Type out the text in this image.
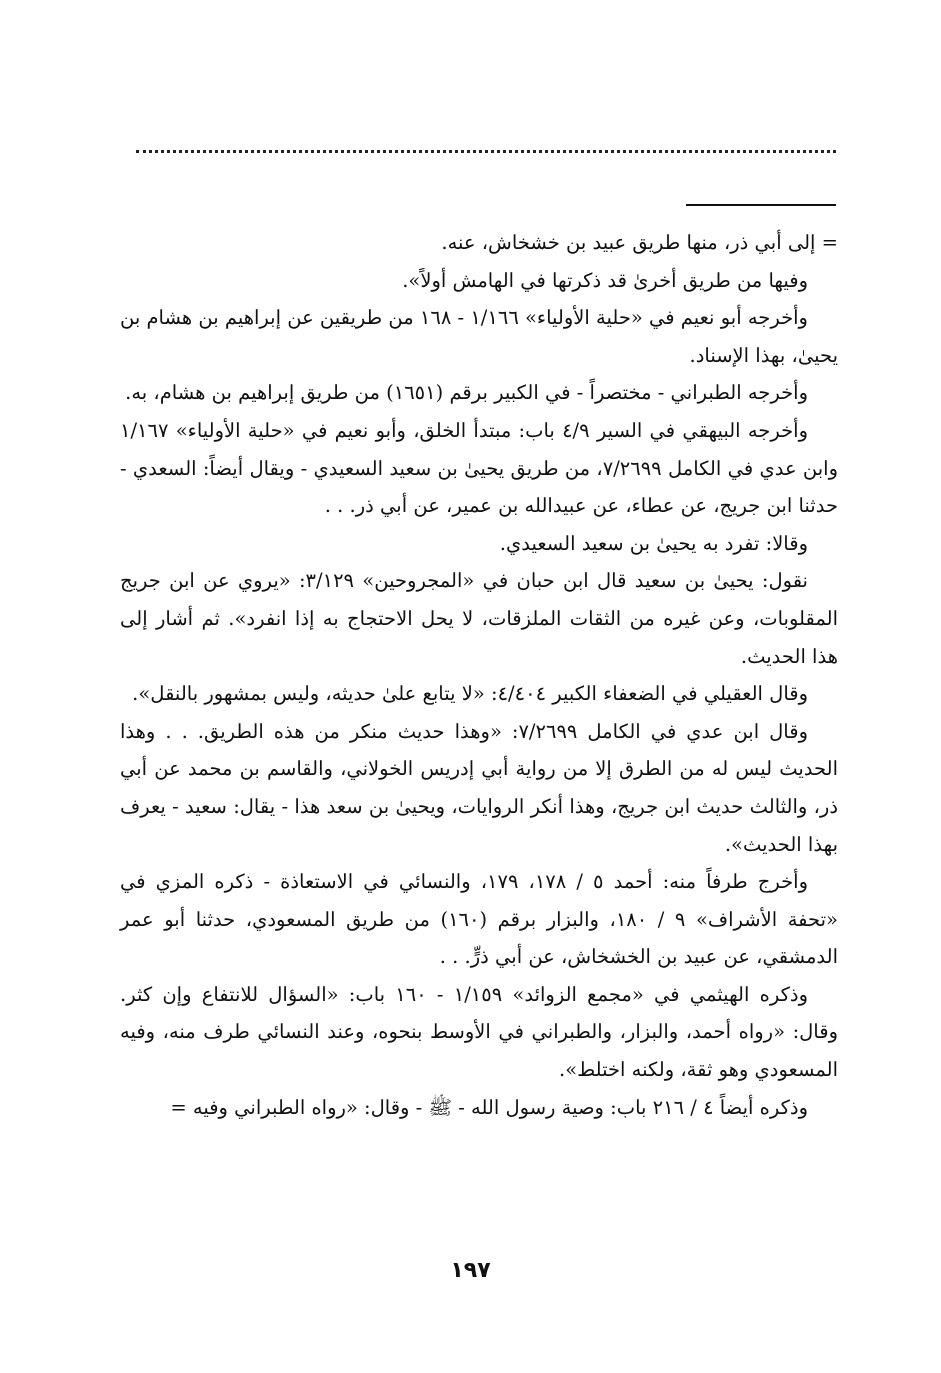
= إلى أبي ذر، منها طريق عبيد بن خشخاش، عنه.

وفيها من طريق أخرىٰ قد ذكرتها في الهامش أولاً».

وأخرجه أبو نعيم في «حلية الأولياء» ١/١٦٦ - ١٦٨ من طريقين عن إبراهيم بن هشام بن يحيىٰ، بهذا الإسناد.

وأخرجه الطبراني - مختصراً - في الكبير برقم (١٦٥١) من طريق إبراهيم بن هشام، به.

وأخرجه البيهقي في السير ٤/٩ باب: مبتدأ الخلق، وأبو نعيم في «حلية الأولياء» ١/١٦٧ وابن عدي في الكامل ٧/٢٦٩٩، من طريق يحيىٰ بن سعيد السعيدي - ويقال أيضاً: السعدي - حدثنا ابن جريج، عن عطاء، عن عبيدالله بن عمير، عن أبي ذر. . .

وقالا: تفرد به يحيىٰ بن سعيد السعيدي.

نقول: يحيىٰ بن سعيد قال ابن حبان في «المجروحين» ٣/١٢٩: «يروي عن ابن جريج المقلوبات، وعن غيره من الثقات الملزقات، لا يحل الاحتجاج به إذا انفرد». ثم أشار إلى هذا الحديث.

وقال العقيلي في الضعفاء الكبير ٤/٤٠٤: «لا يتابع علىٰ حديثه، وليس بمشهور بالنقل».

وقال ابن عدي في الكامل ٧/٢٦٩٩: «وهذا حديث منكر من هذه الطريق. . . وهذا الحديث ليس له من الطرق إلا من رواية أبي إدريس الخولاني، والقاسم بن محمد عن أبي ذر، والثالث حديث ابن جريج، وهذا أنكر الروايات، ويحيىٰ بن سعد هذا - يقال: سعيد - يعرف بهذا الحديث».

وأخرج طرفاً منه: أحمد ٥ / ١٧٨، ١٧٩، والنسائي في الاستعاذة - ذكره المزي في «تحفة الأشراف» ٩ / ١٨٠، والبزار برقم (١٦٠) من طريق المسعودي، حدثنا أبو عمر الدمشقي، عن عبيد بن الخشخاش، عن أبي ذرٍّ. . .

وذكره الهيثمي في «مجمع الزوائد» ١/١٥٩ - ١٦٠ باب: «السؤال للانتفاع وإن كثر. وقال: «رواه أحمد، والبزار، والطبراني في الأوسط بنحوه، وعند النسائي طرف منه، وفيه المسعودي وهو ثقة، ولكنه اختلط».

وذكره أيضاً ٤ / ٢١٦ باب: وصية رسول الله - ﷺ - وقال: «رواه الطبراني وفيه =

١٩٧
